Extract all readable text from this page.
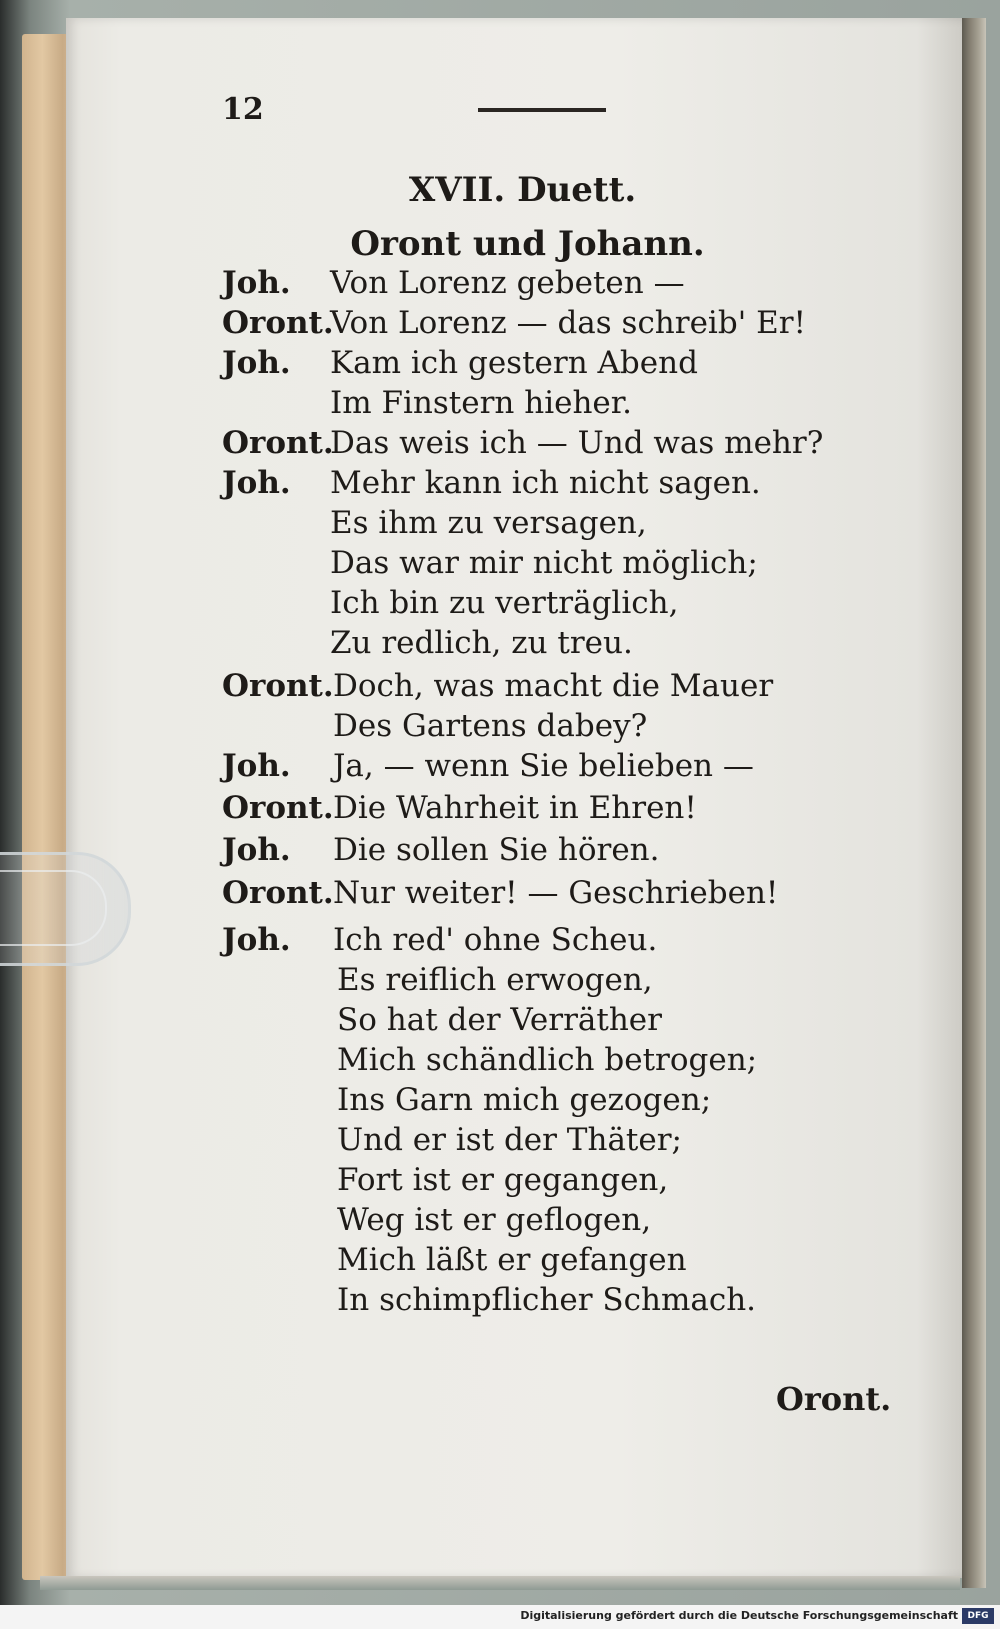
12
XVII. Duett.
Oront und Johann.
Joh. Von Lorenz gebeten —
Oront.
Von Lorenz — das schreib' Er!
Joh. Kam ich gestern Abend
Im Finstern hieher.
Oront.
Das weis ich — Und was mehr?
Joh. Mehr kann ich nicht sagen.
Es ihm zu versagen,
Das war mir nicht möglich;
Ich bin zu verträglich,
Zu redlich, zu treu.
Oront. Doch, was macht die Mauer
Des Gartens dabey?
Joh. Ja, — wenn Sie belieben —
Oront. Die Wahrheit in Ehren!
Joh. Die sollen Sie hören.
Oront. Nur weiter! — Geschrieben!
Joh. Ich red' ohne Scheu.
Es reiflich erwogen,
So hat der Verräther
Mich schändlich betrogen;
Ins Garn mich gezogen;
Und er ist der Thäter;
Fort ist er gegangen,
Weg ist er geflogen,
Mich läßt er gefangen
In schimpflicher Schmach.
Oront.
Digitalisierung gefördert durch die Deutsche Forschungsgemeinschaft	DFG
